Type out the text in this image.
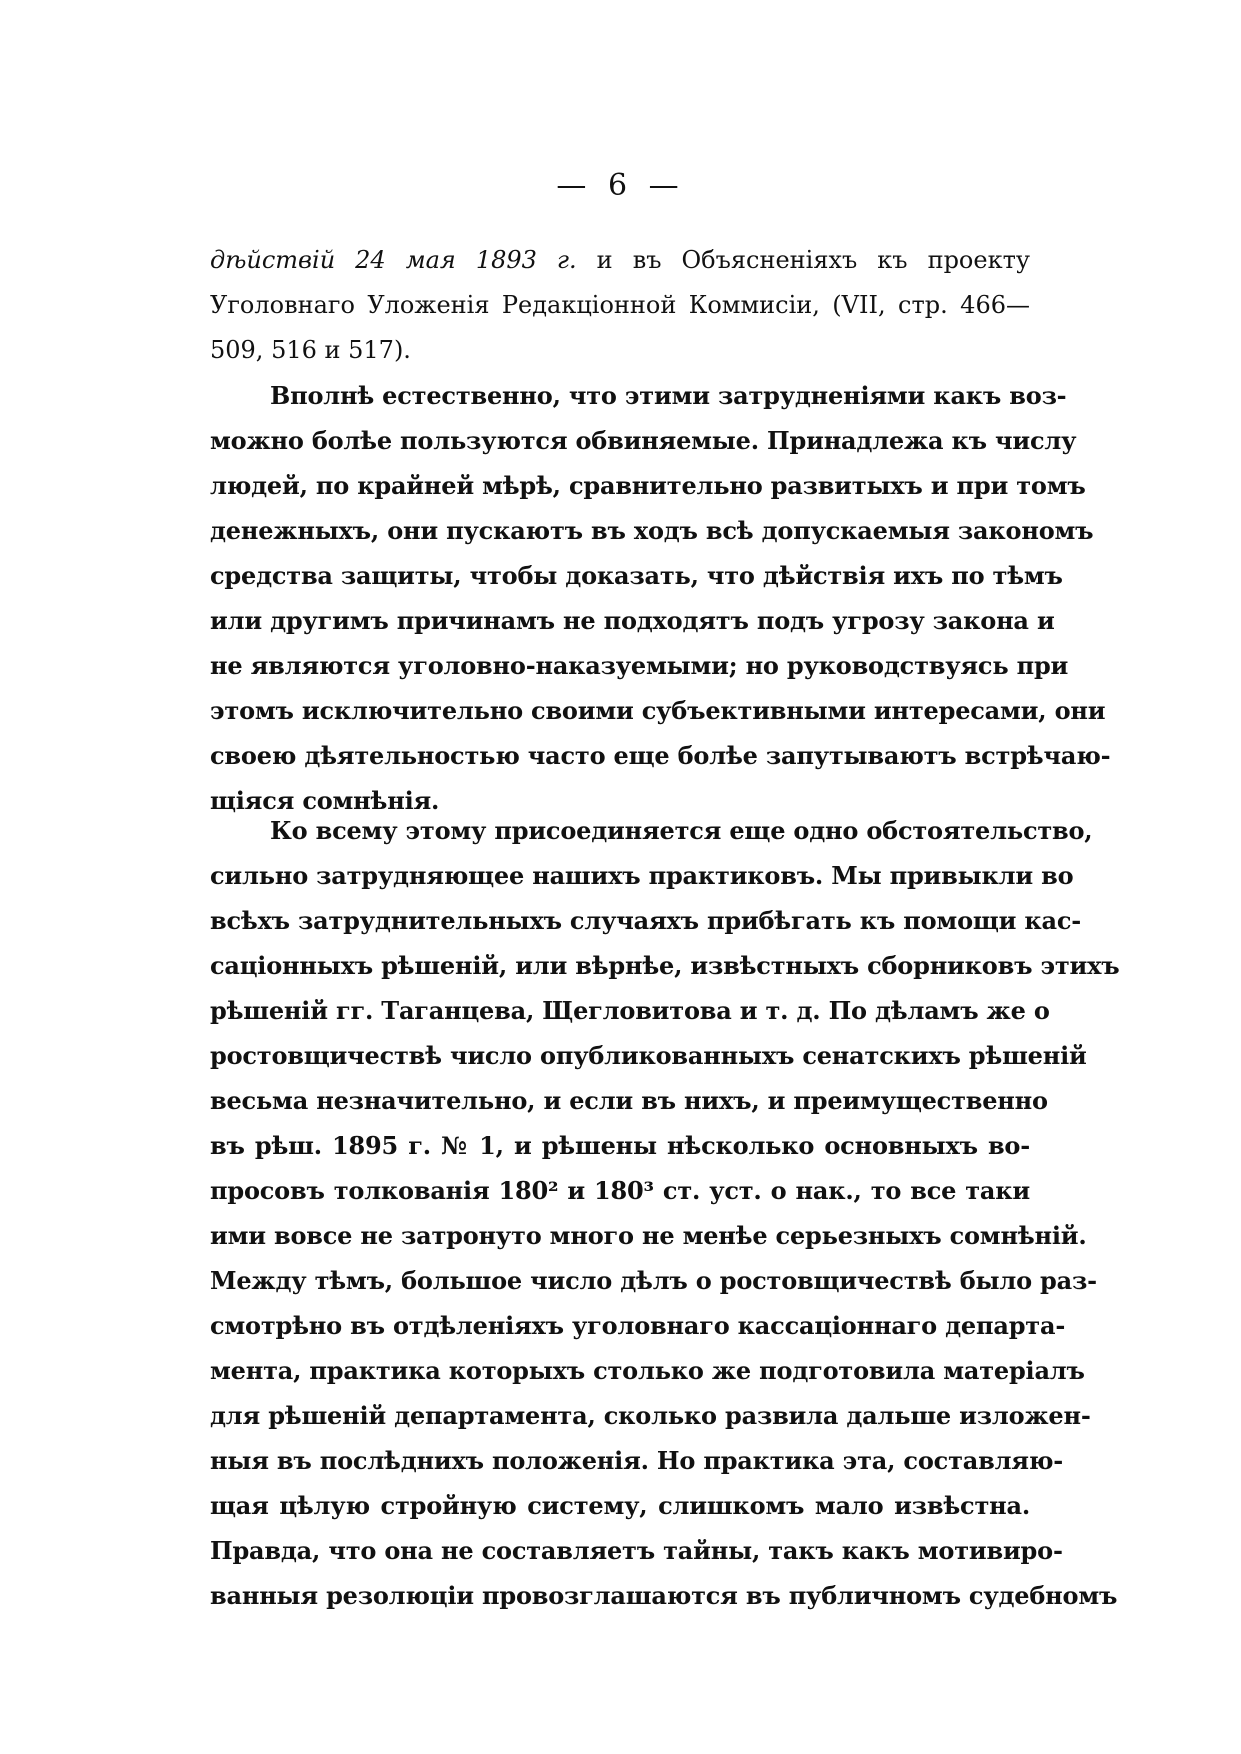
— 6 —
дѣйствій 24 мая 1893 г. и въ Объясненіяхъ къ проекту
Уголовнаго Уложенія Редакціонной Коммисіи, (VII, стр. 466—
509, 516 и 517).
Вполнѣ естественно, что этими затрудненіями какъ воз-
можно болѣе пользуются обвиняемые. Принадлежа къ числу
людей, по крайней мѣрѣ, сравнительно развитыхъ и при томъ
денежныхъ, они пускаютъ въ ходъ всѣ допускаемыя закономъ
средства защиты, чтобы доказать, что дѣйствія ихъ по тѣмъ
или другимъ причинамъ не подходятъ подъ угрозу закона и
не являются уголовно-наказуемыми; но руководствуясь при
этомъ исключительно своими субъективными интересами, они
своею дѣятельностью часто еще болѣе запутываютъ встрѣчаю-
щіяся сомнѣнія.
Ко всему этому присоединяется еще одно обстоятельство,
сильно затрудняющее нашихъ практиковъ. Мы привыкли во
всѣхъ затруднительныхъ случаяхъ прибѣгать къ помощи кас-
саціонныхъ рѣшеній, или вѣрнѣе, извѣстныхъ сборниковъ этихъ
рѣшеній гг. Таганцева, Щегловитова и т. д. По дѣламъ же о
ростовщичествѣ число опубликованныхъ сенатскихъ рѣшеній
весьма незначительно, и если въ нихъ, и преимущественно
въ рѣш. 1895 г. № 1, и рѣшены нѣсколько основныхъ во-
просовъ толкованія 180² и 180³ ст. уст. о нак., то все таки
ими вовсе не затронуто много не менѣе серьезныхъ сомнѣній.
Между тѣмъ, большое число дѣлъ о ростовщичествѣ было раз-
смотрѣно въ отдѣленіяхъ уголовнаго кассаціоннаго департа-
мента, практика которыхъ столько же подготовила матеріалъ
для рѣшеній департамента, сколько развила дальше изложен-
ныя въ послѣднихъ положенія. Но практика эта, составляю-
щая цѣлую стройную систему, слишкомъ мало извѣстна.
Правда, что она не составляетъ тайны, такъ какъ мотивиро-
ванныя резолюціи провозглашаются въ публичномъ судебномъ
